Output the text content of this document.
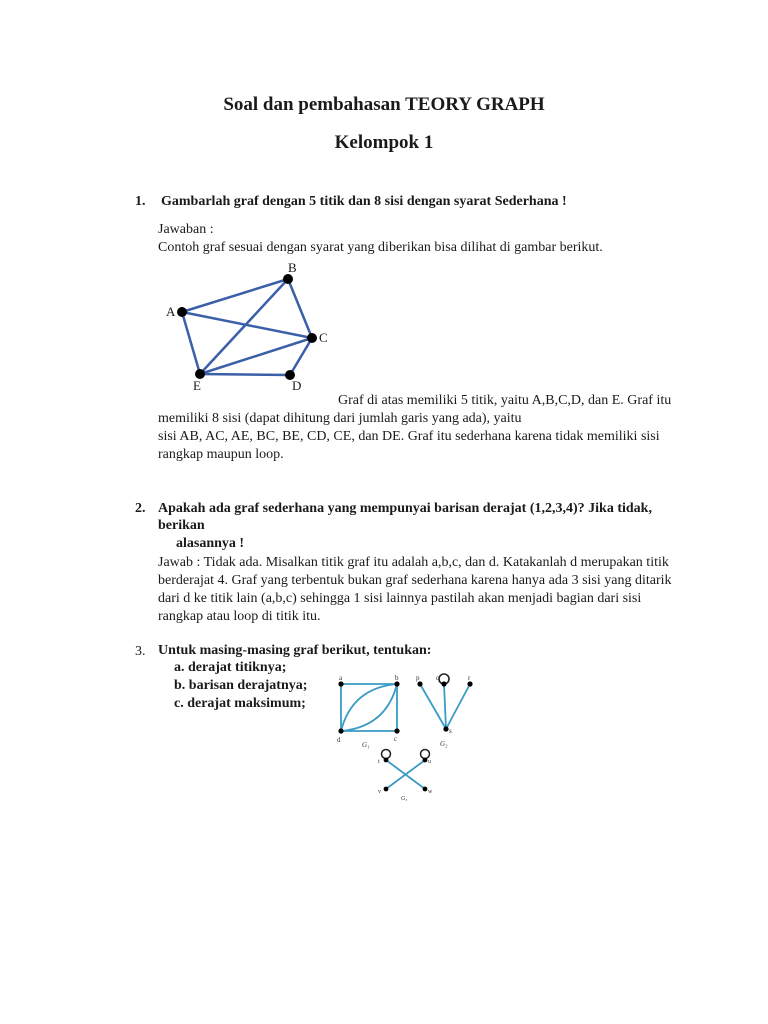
Soal dan pembahasan TEORY GRAPH
Kelompok 1
1. Gambarlah graf dengan 5 titik dan 8 sisi dengan syarat Sederhana !
Jawaban :
Contoh graf sesuai dengan syarat yang diberikan bisa dilihat di gambar berikut.
A
B
C
D
E
Graf di atas memiliki 5 titik, yaitu A,B,C,D, dan E. Graf itu
memiliki 8 sisi (dapat dihitung dari jumlah garis yang ada), yaitu
sisi AB, AC, AE, BC, BE, CD, CE, dan DE. Graf itu sederhana karena tidak memiliki sisi
rangkap maupun loop.
2. Apakah ada graf sederhana yang mempunyai barisan derajat (1,2,3,4)? Jika tidak,
berikan
alasannya !
Jawab : Tidak ada. Misalkan titik graf itu adalah a,b,c, dan d. Katakanlah d merupakan titik
berderajat 4. Graf yang terbentuk bukan graf sederhana karena hanya ada 3 sisi yang ditarik
dari d ke titik lain (a,b,c) sehingga 1 sisi lainnya pastilah akan menjadi bagian dari sisi
rangkap atau loop di titik itu.
3. Untuk masing-masing graf berikut, tentukan:
a. derajat titiknya;
b. barisan derajatnya;
c. derajat maksimum;
a	b
c
d
G₁
p q	r
s
G₂
t	u
v	w
G₃
